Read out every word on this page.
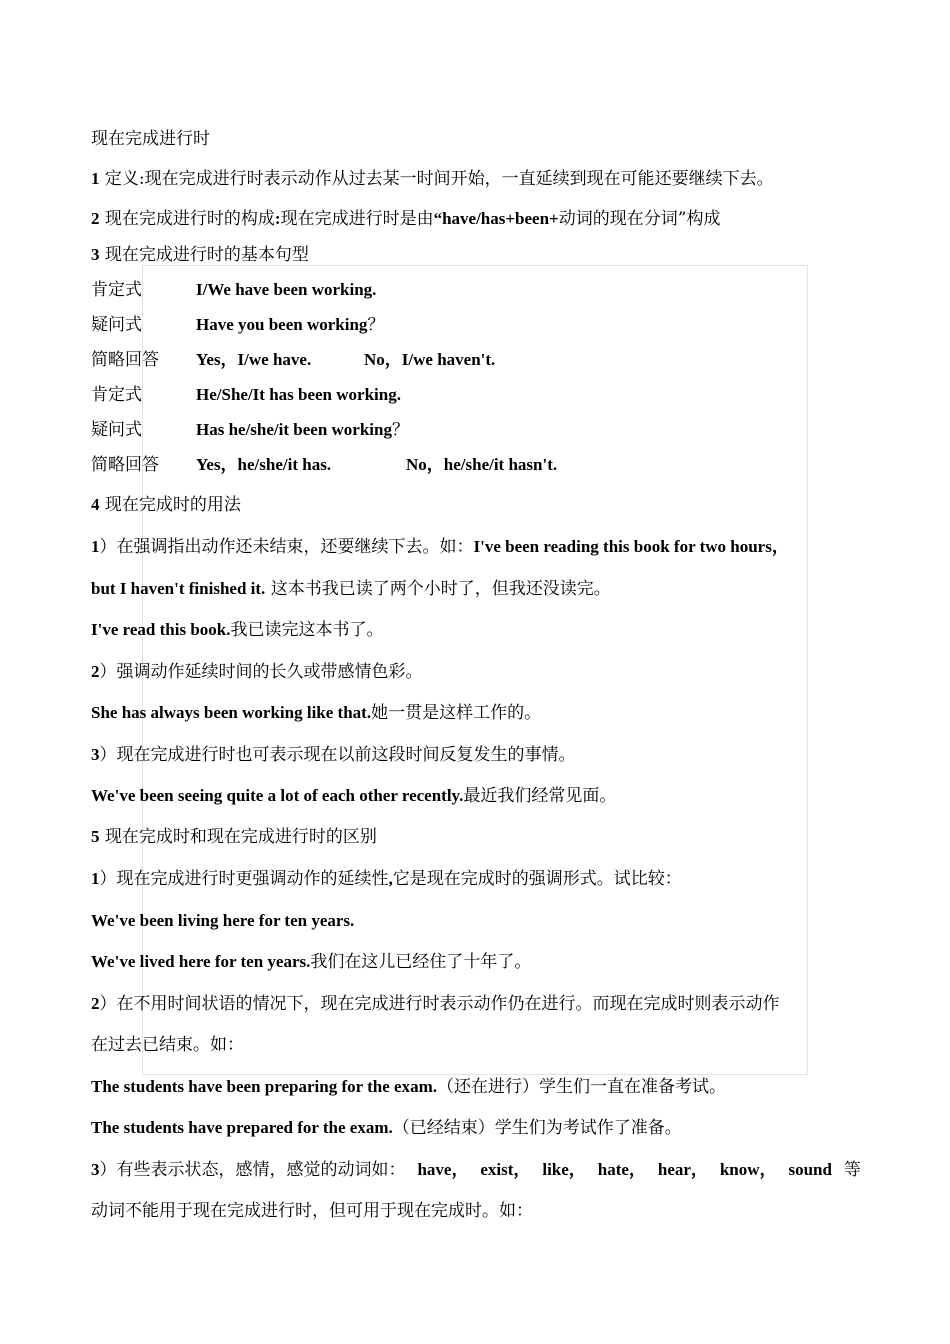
现在完成进行时
1 定义:现在完成进行时表示动作从过去某一时间开始，一直延续到现在可能还要继续下去。
2 现在完成进行时的构成:现在完成进行时是由“have/has+been+动词的现在分词”构成
3 现在完成进行时的基本句型
肯定式	I/We have been working.
疑问式	Have you been working？
简略回答 Yes，I/we have.	No，I/we haven't.
肯定式	He/She/It has been working.
疑问式	Has he/she/it been working？
简略回答 Yes，he/she/it has.	No，he/she/it hasn't.
4 现在完成时的用法
1）在强调指出动作还未结束，还要继续下去。如：I've been reading this book for two hours，
but I haven't finished it. 这本书我已读了两个小时了，但我还没读完。
I've read this book.我已读完这本书了。
2）强调动作延续时间的长久或带感情色彩。
She has always been working like that.她一贯是这样工作的。
3）现在完成进行时也可表示现在以前这段时间反复发生的事情。
We've been seeing quite a lot of each other recently.最近我们经常见面。
5 现在完成时和现在完成进行时的区别
1）现在完成进行时更强调动作的延续性,它是现在完成时的强调形式。试比较：
We've been living here for ten years.
We've lived here for ten years.我们在这儿已经住了十年了。
2）在不用时间状语的情况下，现在完成进行时表示动作仍在进行。而现在完成时则表示动作
在过去已结束。如：
The students have been preparing for the exam.（还在进行）学生们一直在准备考试。
The students have prepared for the exam.（已经结束）学生们为考试作了准备。
3）有些表示状态，感情，感觉的动词如： have， exist， like， hate， hear， know， sound 等
动词不能用于现在完成进行时，但可用于现在完成时。如：
